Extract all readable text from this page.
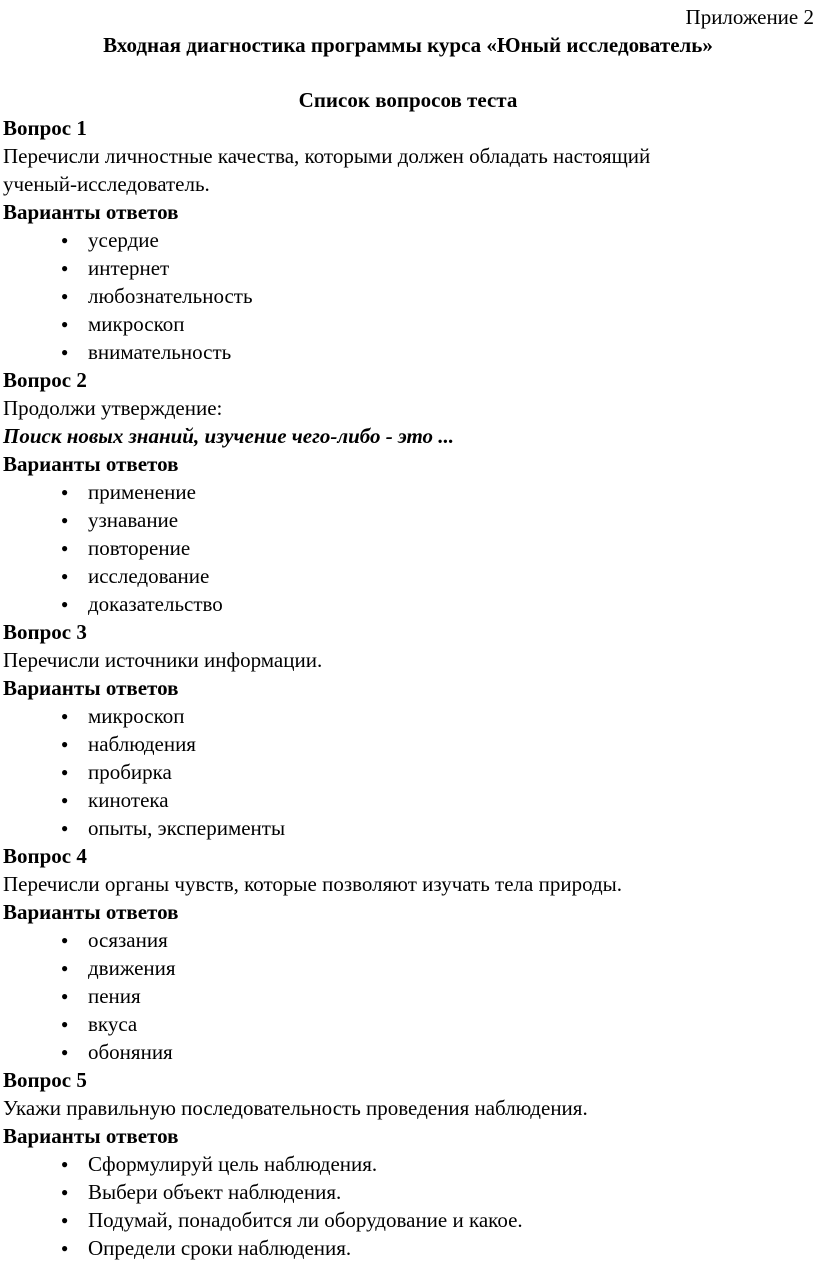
Приложение 2

Входная диагностика программы курса «Юный исследователь»

Список вопросов теста

Вопрос 1

Перечисли личностные качества, которыми должен обладать настоящий

ученый-исследователь.

Варианты ответов

● усердие
● интернет
● любознательность
● микроскоп
● внимательность

Вопрос 2

Продолжи утверждение:

Поиск новых знаний, изучение чего-либо - это ...

Варианты ответов

● применение
● узнавание
● повторение
● исследование
● доказательство

Вопрос 3

Перечисли источники информации.

Варианты ответов

● микроскоп
● наблюдения
● пробирка
● кинотека
● опыты, эксперименты

Вопрос 4

Перечисли органы чувств, которые позволяют изучать тела природы.

Варианты ответов

● осязания
● движения
● пения
● вкуса
● обоняния

Вопрос 5

Укажи правильную последовательность проведения наблюдения.

Варианты ответов

● Сформулируй цель наблюдения.
● Выбери объект наблюдения.
● Подумай, понадобится ли оборудование и какое.
● Определи сроки наблюдения.
